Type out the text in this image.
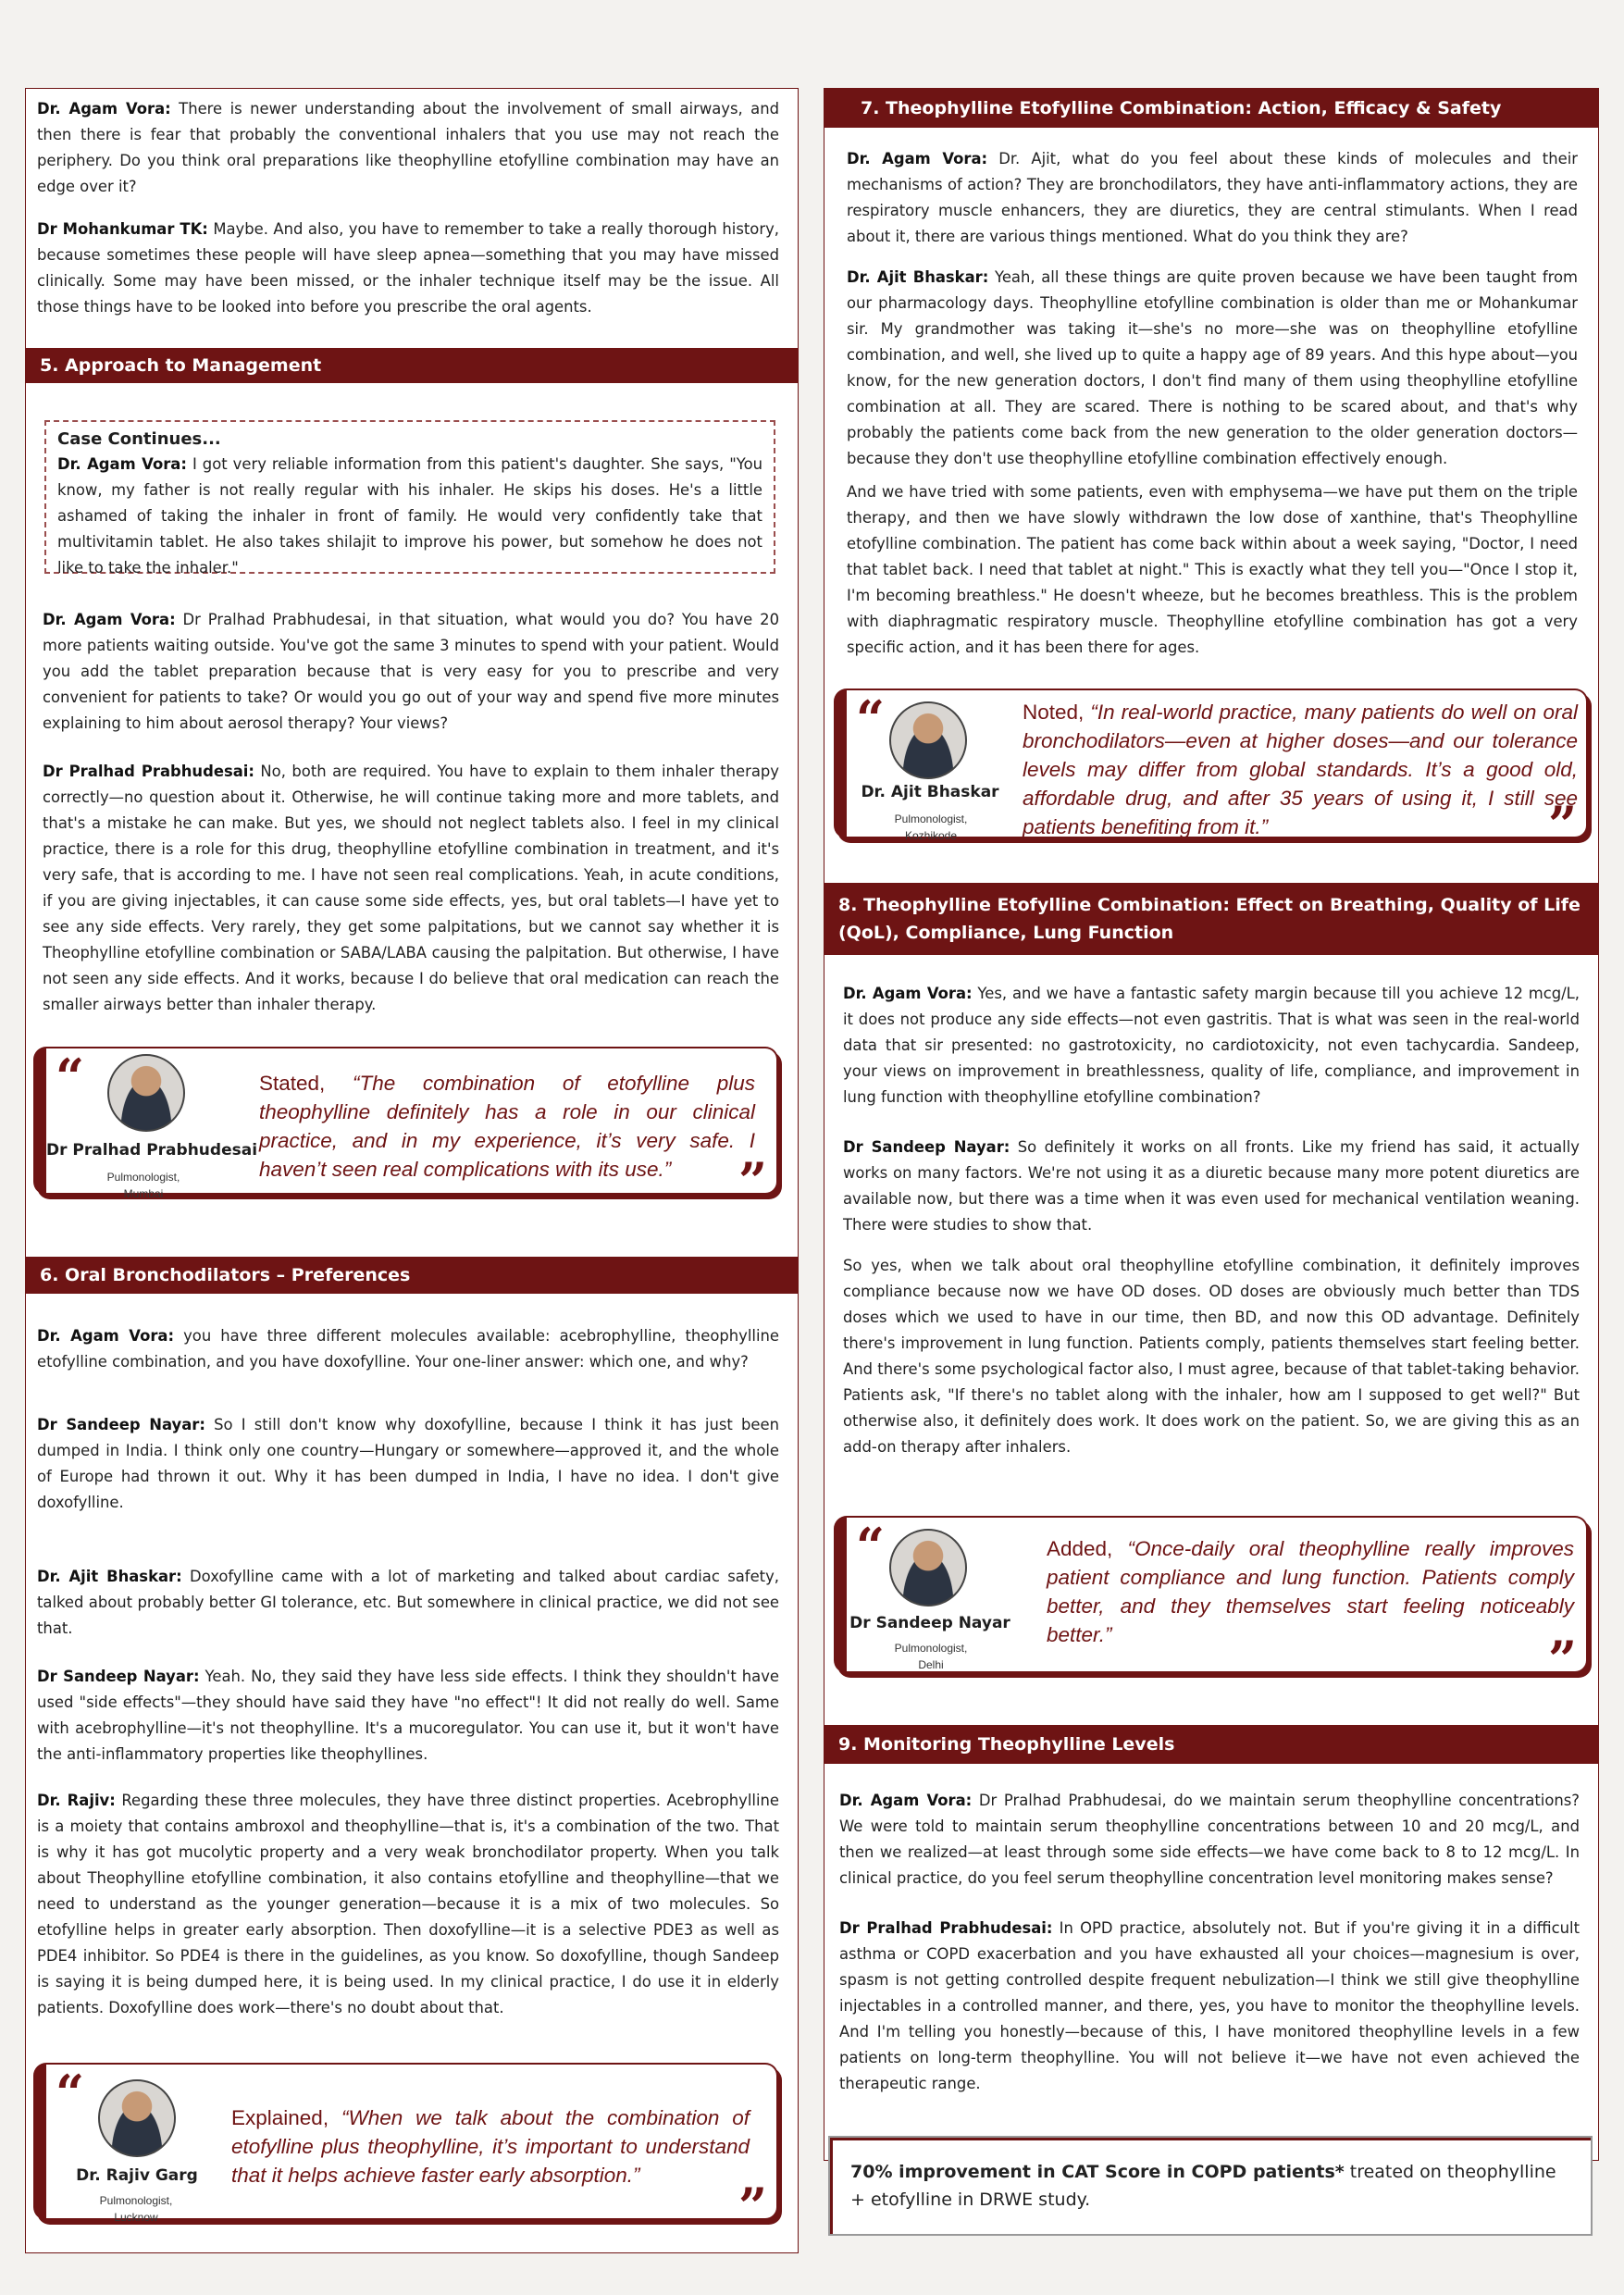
Dr. Agam Vora: There is newer understanding about the involvement of small airways, and then there is fear that probably the conventional inhalers that you use may not reach the periphery. Do you think oral preparations like theophylline etofylline combination may have an edge over it?

Dr Mohankumar TK: Maybe. And also, you have to remember to take a really thorough history, because sometimes these people will have sleep apnea—something that you may have missed clinically. Some may have been missed, or the inhaler technique itself may be the issue. All those things have to be looked into before you prescribe the oral agents.

5. Approach to Management
Case Continues...
Dr. Agam Vora: I got very reliable information from this patient's daughter. She says, "You know, my father is not really regular with his inhaler. He skips his doses. He's a little ashamed of taking the inhaler in front of family. He would very confidently take that multivitamin tablet. He also takes shilajit to improve his power, but somehow he does not like to take the inhaler."

Dr. Agam Vora: Dr Pralhad Prabhudesai, in that situation, what would you do? You have 20 more patients waiting outside. You've got the same 3 minutes to spend with your patient. Would you add the tablet preparation because that is very easy for you to prescribe and very convenient for patients to take? Or would you go out of your way and spend five more minutes explaining to him about aerosol therapy? Your views?

Dr Pralhad Prabhudesai: No, both are required. You have to explain to them inhaler therapy correctly—no question about it. Otherwise, he will continue taking more and more tablets, and that's a mistake he can make. But yes, we should not neglect tablets also. I feel in my clinical practice, there is a role for this drug, theophylline etofylline combination in treatment, and it's very safe, that is according to me. I have not seen real complications. Yeah, in acute conditions, if you are giving injectables, it can cause some side effects, yes, but oral tablets—I have yet to see any side effects. Very rarely, they get some palpitations, but we cannot say whether it is Theophylline etofylline combination or SABA/LABA causing the palpitation. But otherwise, I have not seen any side effects. And it works, because I do believe that oral medication can reach the smaller airways better than inhaler therapy.

“
Dr Pralhad Prabhudesai
Pulmonologist,
Mumbai
Stated, “The combination of etofylline plus theophylline definitely has a role in our clinical practice, and in my experience, it’s very safe. I haven’t seen real complications with its use.”	”
6. Oral Bronchodilators – Preferences

Dr. Agam Vora: you have three different molecules available: acebrophylline, theophylline etofylline combination, and you have doxofylline. Your one-liner answer: which one, and why?

Dr Sandeep Nayar: So I still don't know why doxofylline, because I think it has just been dumped in India. I think only one country—Hungary or somewhere—approved it, and the whole of Europe had thrown it out. Why it has been dumped in India, I have no idea. I don't give doxofylline.

Dr. Ajit Bhaskar: Doxofylline came with a lot of marketing and talked about cardiac safety, talked about probably better GI tolerance, etc. But somewhere in clinical practice, we did not see that.

Dr Sandeep Nayar: Yeah. No, they said they have less side effects. I think they shouldn't have used "side effects"—they should have said they have "no effect"! It did not really do well. Same with acebrophylline—it's not theophylline. It's a mucoregulator. You can use it, but it won't have the anti-inflammatory properties like theophyllines.

Dr. Rajiv: Regarding these three molecules, they have three distinct properties. Acebrophylline is a moiety that contains ambroxol and theophylline—that is, it's a combination of the two. That is why it has got mucolytic property and a very weak bronchodilator property. When you talk about Theophylline etofylline combination, it also contains etofylline and theophylline—that we need to understand as the younger generation—because it is a mix of two molecules. So etofylline helps in greater early absorption. Then doxofylline—it is a selective PDE3 as well as PDE4 inhibitor. So PDE4 is there in the guidelines, as you know. So doxofylline, though Sandeep is saying it is being dumped here, it is being used. In my clinical practice, I do use it in elderly patients. Doxofylline does work—there's no doubt about that.

“
Dr. Rajiv Garg
Pulmonologist,
Lucknow
Explained, “When we talk about the combination of etofylline plus theophylline, it’s important to understand that it helps achieve faster early absorption.”
”
7. Theophylline Etofylline Combination: Action, Efficacy & Safety

Dr. Agam Vora: Dr. Ajit, what do you feel about these kinds of molecules and their mechanisms of action? They are bronchodilators, they have anti-inflammatory actions, they are respiratory muscle enhancers, they are diuretics, they are central stimulants. When I read about it, there are various things mentioned. What do you think they are?

Dr. Ajit Bhaskar: Yeah, all these things are quite proven because we have been taught from our pharmacology days. Theophylline etofylline combination is older than me or Mohankumar sir. My grandmother was taking it—she's no more—she was on theophylline etofylline combination, and well, she lived up to quite a happy age of 89 years. And this hype about—you know, for the new generation doctors, I don't find many of them using theophylline etofylline combination at all. They are scared. There is nothing to be scared about, and that's why probably the patients come back from the new generation to the older generation doctors—because they don't use theophylline etofylline combination effectively enough.

And we have tried with some patients, even with emphysema—we have put them on the triple therapy, and then we have slowly withdrawn the low dose of xanthine, that's Theophylline etofylline combination. The patient has come back within about a week saying, "Doctor, I need that tablet back. I need that tablet at night." This is exactly what they tell you—"Once I stop it, I'm becoming breathless." He doesn't wheeze, but he becomes breathless. This is the problem with diaphragmatic respiratory muscle. Theophylline etofylline combination has got a very specific action, and it has been there for ages.

“
Dr. Ajit Bhaskar
Pulmonologist,
Kozhikode
Noted, “In real-world practice, many patients do well on oral bronchodilators—even at higher doses—and our tolerance levels may differ from global standards. It’s a good old, affordable drug, and after 35 years of using it, I still see patients benefiting from it.”	”
8. Theophylline Etofylline Combination: Effect on Breathing, Quality of Life (QoL), Compliance, Lung Function

Dr. Agam Vora: Yes, and we have a fantastic safety margin because till you achieve 12 mcg/L, it does not produce any side effects—not even gastritis. That is what was seen in the real-world data that sir presented: no gastrotoxicity, no cardiotoxicity, not even tachycardia. Sandeep, your views on improvement in breathlessness, quality of life, compliance, and improvement in lung function with theophylline etofylline combination?

Dr Sandeep Nayar: So definitely it works on all fronts. Like my friend has said, it actually works on many factors. We're not using it as a diuretic because many more potent diuretics are available now, but there was a time when it was even used for mechanical ventilation weaning. There were studies to show that.

So yes, when we talk about oral theophylline etofylline combination, it definitely improves compliance because now we have OD doses. OD doses are obviously much better than TDS doses which we used to have in our time, then BD, and now this OD advantage. Definitely there's improvement in lung function. Patients comply, patients themselves start feeling better. And there's some psychological factor also, I must agree, because of that tablet-taking behavior. Patients ask, "If there's no tablet along with the inhaler, how am I supposed to get well?" But otherwise also, it definitely does work. It does work on the patient. So, we are giving this as an add-on therapy after inhalers.

“
Dr Sandeep Nayar
Pulmonologist,
Delhi
Added, “Once-daily oral theophylline really improves patient compliance and lung function. Patients comply better, and they themselves start feeling noticeably better.”	”
9. Monitoring Theophylline Levels

Dr. Agam Vora: Dr Pralhad Prabhudesai, do we maintain serum theophylline concentrations? We were told to maintain serum theophylline concentrations between 10 and 20 mcg/L, and then we realized—at least through some side effects—we have come back to 8 to 12 mcg/L. In clinical practice, do you feel serum theophylline concentration level monitoring makes sense?

Dr Pralhad Prabhudesai: In OPD practice, absolutely not. But if you're giving it in a difficult asthma or COPD exacerbation and you have exhausted all your choices—magnesium is over, spasm is not getting controlled despite frequent nebulization—I think we still give theophylline injectables in a controlled manner, and there, yes, you have to monitor the theophylline levels. And I'm telling you honestly—because of this, I have monitored theophylline levels in a few patients on long-term theophylline. You will not believe it—we have not even achieved the therapeutic range.

70% improvement in CAT Score in COPD patients* treated on theophylline + etofylline in DRWE study.
